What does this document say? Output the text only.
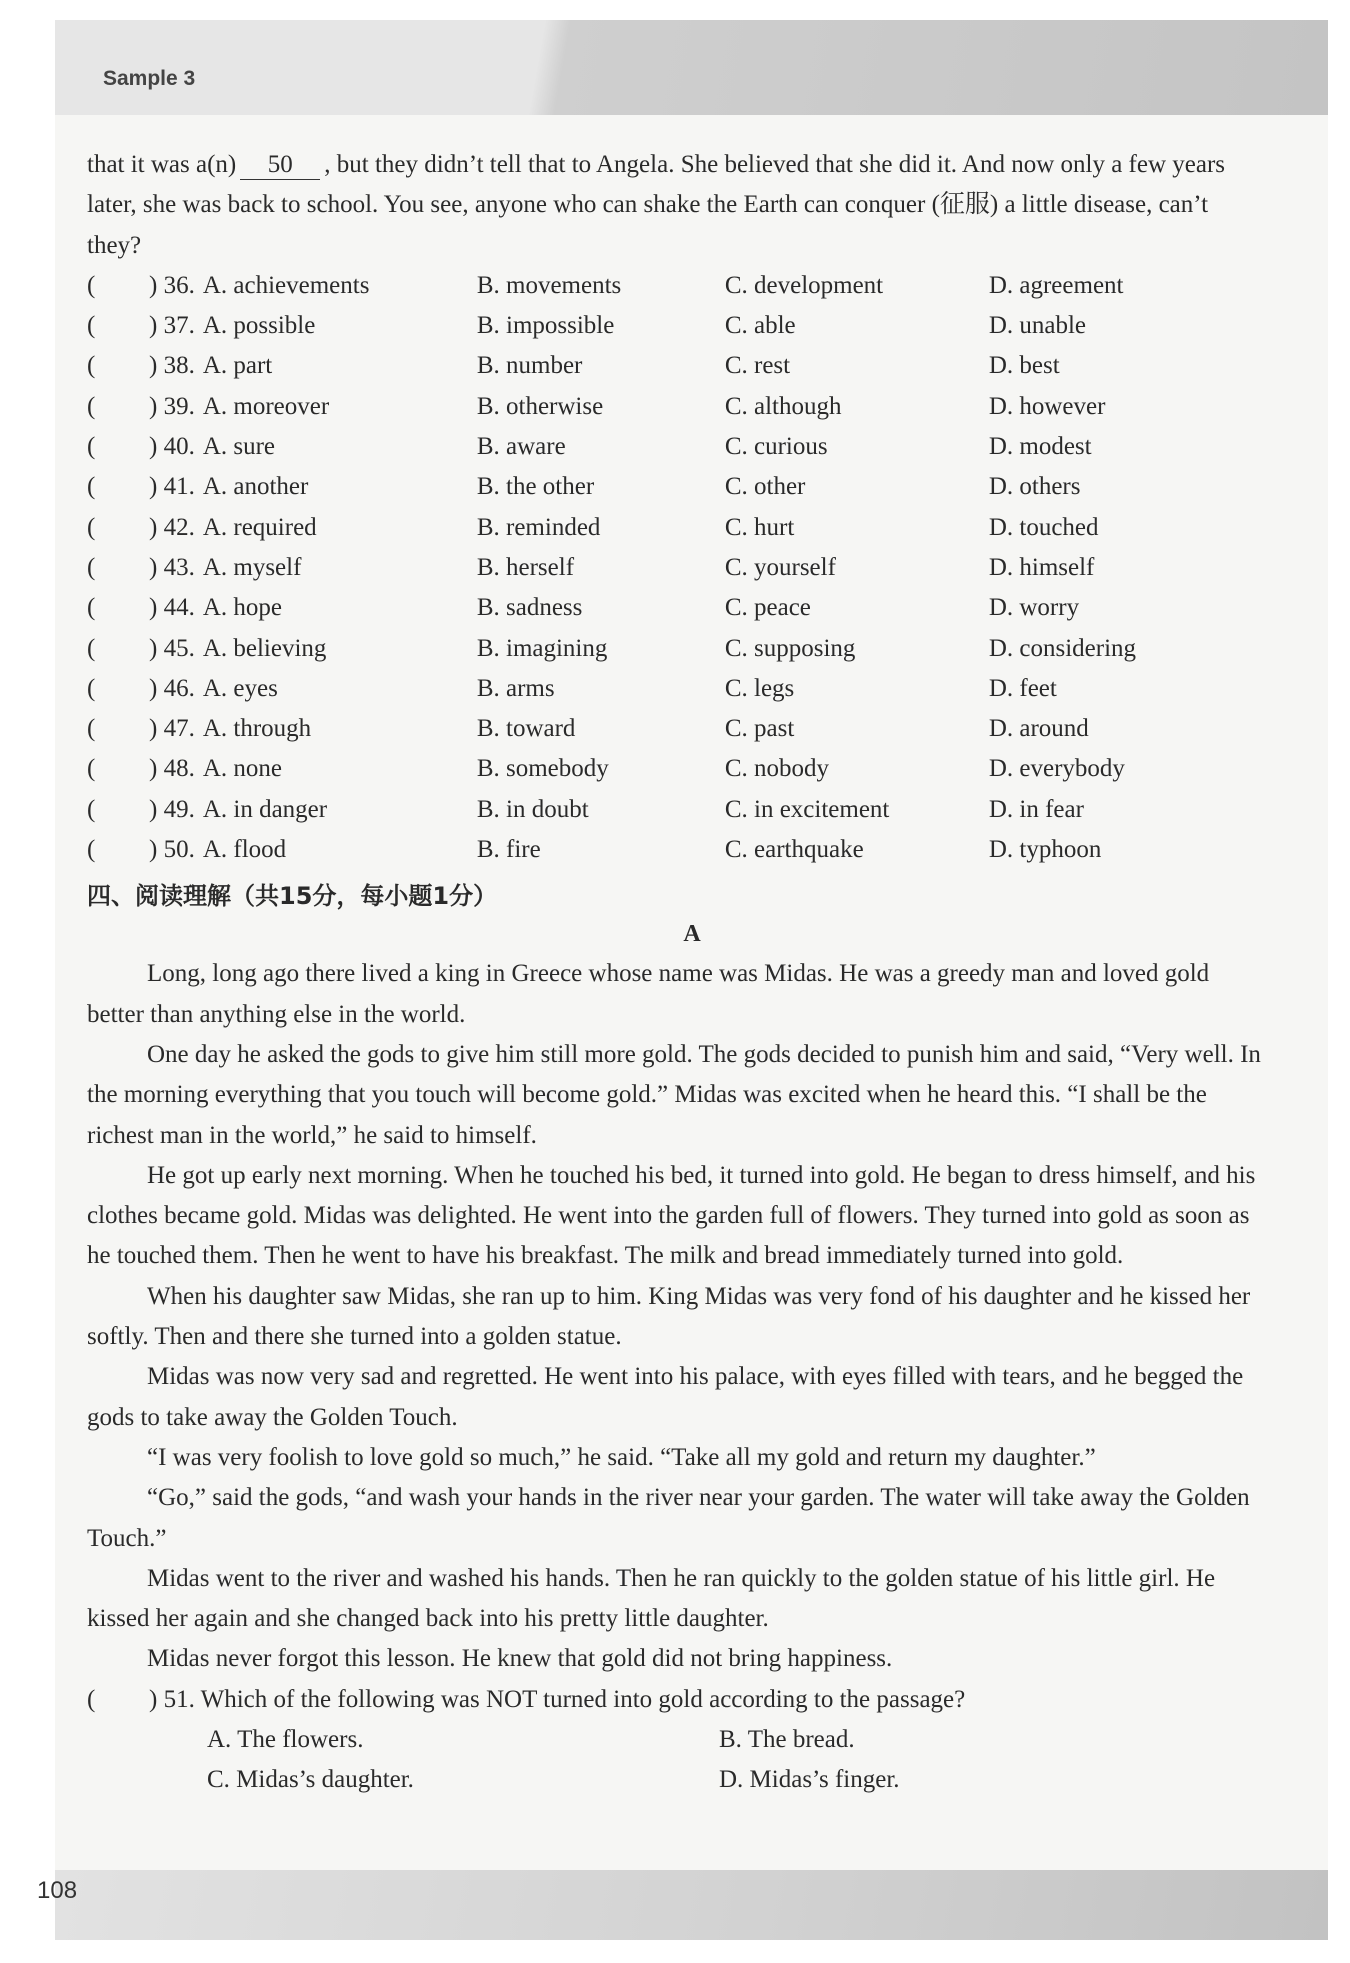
Sample 3
108

that it was a(n) 50 , but they didn’t tell that to Angela. She believed that she did it. And now only a few years later, she was back to school. You see, anyone who can shake the Earth can conquer (征服) a little disease, can’t they?

(	) 36. A. achievements	B. movements	C. development	D. agreement
(	) 37. A. possible	B. impossible	C. able	D. unable
(	) 38. A. part	B. number	C. rest	D. best
(	) 39. A. moreover	B. otherwise	C. although	D. however
(	) 40. A. sure	B. aware	C. curious	D. modest
(	) 41. A. another	B. the other	C. other	D. others
(	) 42. A. required	B. reminded	C. hurt	D. touched
(	) 43. A. myself	B. herself	C. yourself	D. himself
(	) 44. A. hope	B. sadness	C. peace	D. worry
(	) 45. A. believing	B. imagining	C. supposing	D. considering
(	) 46. A. eyes	B. arms	C. legs	D. feet
(	) 47. A. through	B. toward	C. past	D. around
(	) 48. A. none	B. somebody	C. nobody	D. everybody
(	) 49. A. in danger	B. in doubt	C. in excitement	D. in fear
(	) 50. A. flood	B. fire	C. earthquake	D. typhoon
四、阅读理解（共15分，每小题1分）
A

Long, long ago there lived a king in Greece whose name was Midas. He was a greedy man and loved gold better than anything else in the world.

One day he asked the gods to give him still more gold. The gods decided to punish him and said, “Very well. In the morning everything that you touch will become gold.” Midas was excited when he heard this. “I shall be the richest man in the world,” he said to himself.

He got up early next morning. When he touched his bed, it turned into gold. He began to dress himself, and his clothes became gold. Midas was delighted. He went into the garden full of flowers. They turned into gold as soon as he touched them. Then he went to have his breakfast. The milk and bread immediately turned into gold.

When his daughter saw Midas, she ran up to him. King Midas was very fond of his daughter and he kissed her softly. Then and there she turned into a golden statue.

Midas was now very sad and regretted. He went into his palace, with eyes filled with tears, and he begged the gods to take away the Golden Touch.

“I was very foolish to love gold so much,” he said. “Take all my gold and return my daughter.”

“Go,” said the gods, “and wash your hands in the river near your garden. The water will take away the Golden Touch.”

Midas went to the river and washed his hands. Then he ran quickly to the golden statue of his little girl. He kissed her again and she changed back into his pretty little daughter.

Midas never forgot this lesson. He knew that gold did not bring happiness.

(	) 51. Which of the following was NOT turned into gold according to the passage?
A. The flowers.	B. The bread.
C. Midas’s daughter.	D. Midas’s finger.
